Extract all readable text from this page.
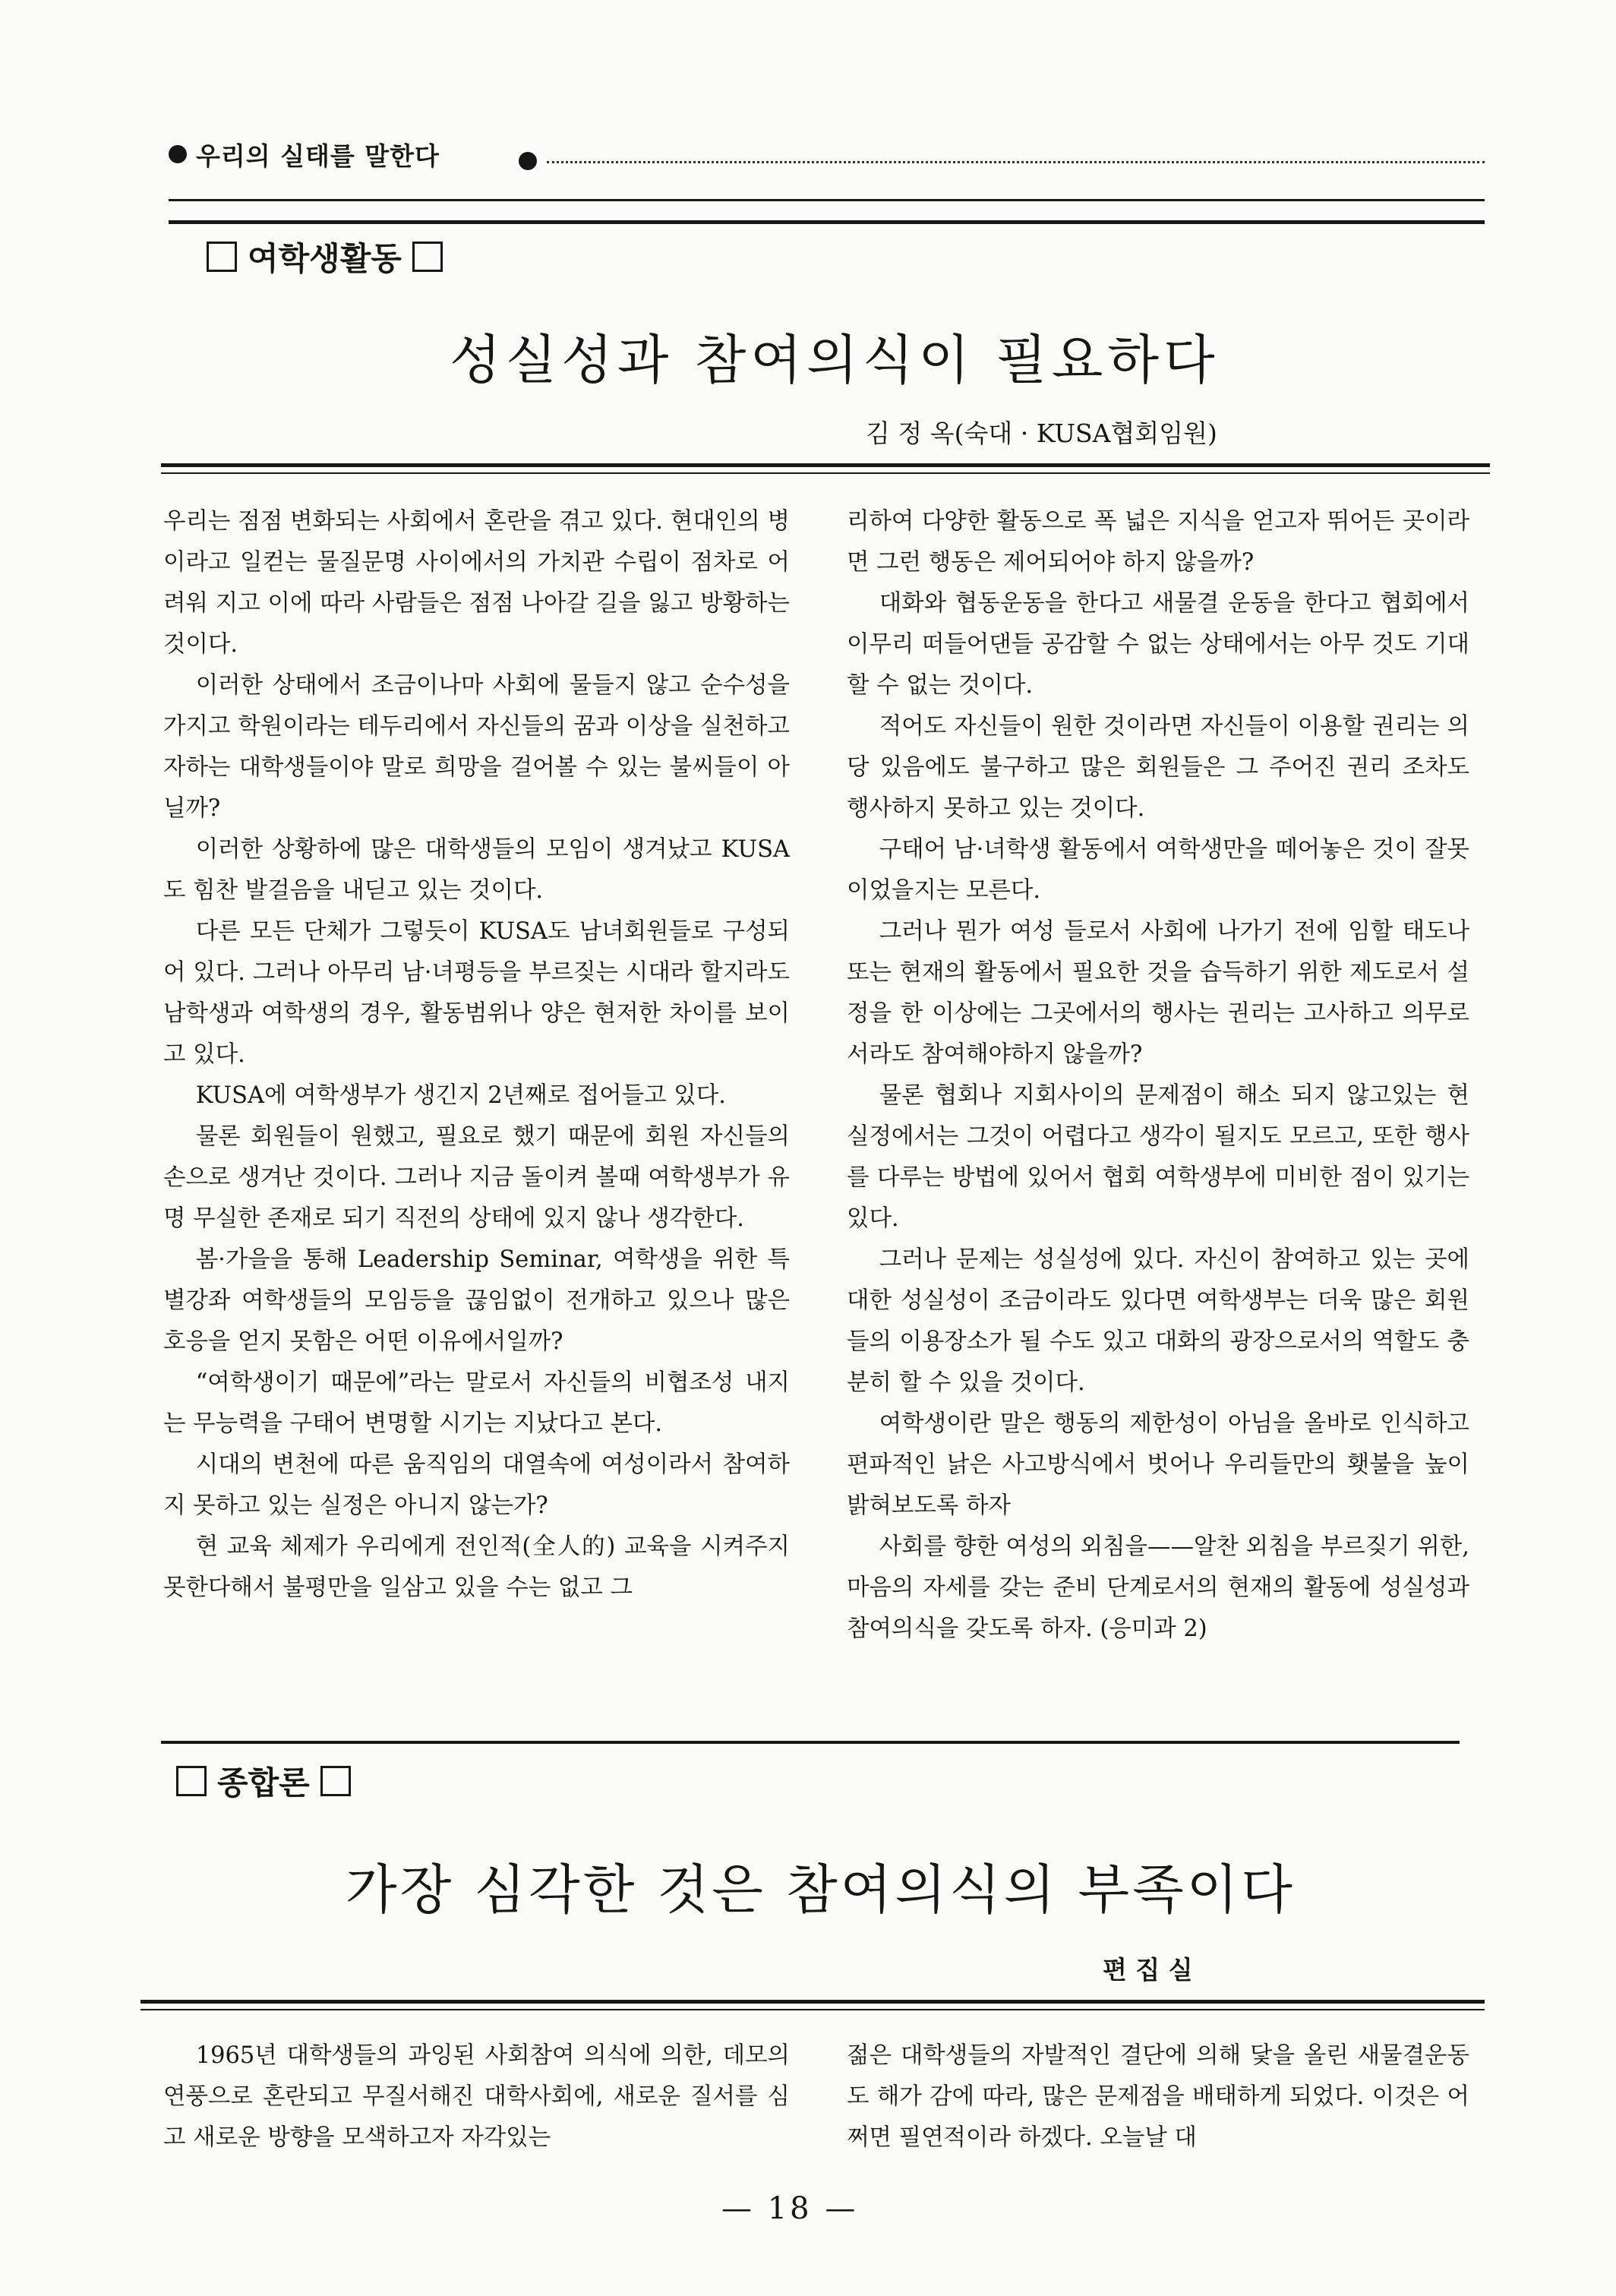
우리의 실태를 말한다
여학생활동
성실성과 참여의식이 필요하다
김 정 옥(숙대 · KUSA협회임원)

우리는 점점 변화되는 사회에서 혼란을 겪고 있다. 현대인의 병이라고 일컫는 물질문명 사이에서의 가치관 수립이 점차로 어려워 지고 이에 따라 사람들은 점점 나아갈 길을 잃고 방황하는 것이다.

이러한 상태에서 조금이나마 사회에 물들지 않고 순수성을 가지고 학원이라는 테두리에서 자신들의 꿈과 이상을 실천하고자하는 대학생들이야 말로 희망을 걸어볼 수 있는 불씨들이 아닐까?

이러한 상황하에 많은 대학생들의 모임이 생겨났고 KUSA도 힘찬 발걸음을 내딛고 있는 것이다.

다른 모든 단체가 그렇듯이 KUSA도 남녀회원들로 구성되어 있다. 그러나 아무리 남·녀평등을 부르짖는 시대라 할지라도 남학생과 여학생의 경우, 활동범위나 양은 현저한 차이를 보이고 있다.

KUSA에 여학생부가 생긴지 2년째로 접어들고 있다.

물론 회원들이 원했고, 필요로 했기 때문에 회원 자신들의 손으로 생겨난 것이다. 그러나 지금 돌이켜 볼때 여학생부가 유명 무실한 존재로 되기 직전의 상태에 있지 않나 생각한다.

봄·가을을 통해 Leadership Seminar, 여학생을 위한 특별강좌 여학생들의 모임등을 끊임없이 전개하고 있으나 많은 호응을 얻지 못함은 어떤 이유에서일까?

“여학생이기 때문에”라는 말로서 자신들의 비협조성 내지는 무능력을 구태어 변명할 시기는 지났다고 본다.

시대의 변천에 따른 움직임의 대열속에 여성이라서 참여하지 못하고 있는 실정은 아니지 않는가?

현 교육 체제가 우리에게 전인적(全人的) 교육을 시켜주지 못한다해서 불평만을 일삼고 있을 수는 없고 그

리하여 다양한 활동으로 폭 넓은 지식을 얻고자 뛰어든 곳이라면 그런 행동은 제어되어야 하지 않을까?

대화와 협동운동을 한다고 새물결 운동을 한다고 협회에서 이무리 떠들어댄들 공감할 수 없는 상태에서는 아무 것도 기대할 수 없는 것이다.

적어도 자신들이 원한 것이라면 자신들이 이용할 권리는 의당 있음에도 불구하고 많은 회원들은 그 주어진 권리 조차도 행사하지 못하고 있는 것이다.

구태어 남·녀학생 활동에서 여학생만을 떼어놓은 것이 잘못이었을지는 모른다.

그러나 뭔가 여성 들로서 사회에 나가기 전에 임할 태도나 또는 현재의 활동에서 필요한 것을 습득하기 위한 제도로서 설정을 한 이상에는 그곳에서의 행사는 권리는 고사하고 의무로서라도 참여해야하지 않을까?

물론 협회나 지회사이의 문제점이 해소 되지 않고있는 현 실정에서는 그것이 어렵다고 생각이 될지도 모르고, 또한 행사를 다루는 방법에 있어서 협회 여학생부에 미비한 점이 있기는 있다.

그러나 문제는 성실성에 있다. 자신이 참여하고 있는 곳에 대한 성실성이 조금이라도 있다면 여학생부는 더욱 많은 회원들의 이용장소가 될 수도 있고 대화의 광장으로서의 역할도 충분히 할 수 있을 것이다.

여학생이란 말은 행동의 제한성이 아님을 올바로 인식하고 편파적인 낡은 사고방식에서 벗어나 우리들만의 횃불을 높이 밝혀보도록 하자

사회를 향한 여성의 외침을——알찬 외침을 부르짖기 위한, 마음의 자세를 갖는 준비 단계로서의 현재의 활동에 성실성과 참여의식을 갖도록 하자. (응미과 2)

종합론
가장 심각한 것은 참여의식의 부족이다
편 집 실

1965년 대학생들의 과잉된 사회참여 의식에 의한, 데모의 연풍으로 혼란되고 무질서해진 대학사회에, 새로운 질서를 심고 새로운 방향을 모색하고자 자각있는

젊은 대학생들의 자발적인 결단에 의해 닻을 올린 새물결운동도 해가 감에 따라, 많은 문제점을 배태하게 되었다. 이것은 어쩌면 필연적이라 하겠다. 오늘날 대

— 18 —
